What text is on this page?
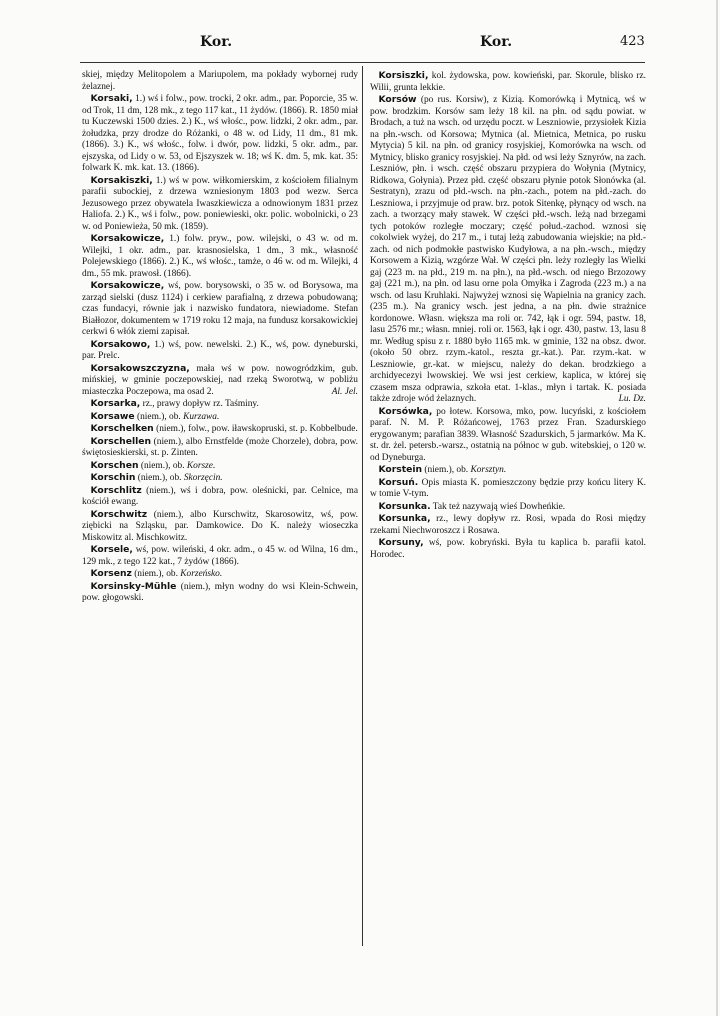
Kor.	Kor.	423

skiej, między Melitopolem a Mariupolem, ma pokłady wybornej rudy żelaznej.

Korsaki, 1.) wś i folw., pow. trocki, 2 okr. adm., par. Poporcie, 35 w. od Trok, 11 dm, 128 mk., z tego 117 kat., 11 żydów. (1866). R. 1850 miał tu Kuczewski 1500 dzies. 2.) K., wś włośc., pow. lidzki, 2 okr. adm., par. żołudzka, przy drodze do Różanki, o 48 w. od Lidy, 11 dm., 81 mk. (1866). 3.) K., wś włośc., folw. i dwór, pow. lidzki, 5 okr. adm., par. ejszyska, od Lidy o w. 53, od Ejszyszek w. 18; wś K. dm. 5, mk. kat. 35: folwark K. mk. kat. 13. (1866).

Korsakiszki, 1.) wś w pow. wiłkomierskim, z kościołem filialnym parafii subockiej, z drzewa wzniesionym 1803 pod wezw. Serca Jezusowego przez obywatela Iwaszkiewicza a odnowionym 1831 przez Haliofa. 2.) K., wś i folw., pow. poniewieski, okr. polic. wobolnicki, o 23 w. od Poniewieża, 50 mk. (1859).

Korsakowicze, 1.) folw. pryw., pow. wilejski, o 43 w. od m. Wilejki, 1 okr. adm., par. krasnosielska, 1 dm., 3 mk., własność Polejewskiego (1866). 2.) K., wś włośc., tamże, o 46 w. od m. Wilejki, 4 dm., 55 mk. prawosł. (1866).

Korsakowicze, wś, pow. borysowski, o 35 w. od Borysowa, ma zarząd sielski (dusz 1124) i cerkiew parafialną, z drzewa pobudowaną; czas fundacyi, równie jak i nazwisko fundatora, niewiadome. Stefan Białłozor, dokumentem w 1719 roku 12 maja, na fundusz korsakowickiej cerkwi 6 włók ziemi zapisał.

Korsakowo, 1.) wś, pow. newelski. 2.) K., wś, pow. dyneburski, par. Prelc.

Korsakowszczyzna, mała wś w pow. nowogródzkim, gub. mińskiej, w gminie poczepowskiej, nad rzeką Sworotwą, w pobliżu miasteczka Poczepowa, ma osad 2.	Al. Jel.

Korsarka, rz., prawy dopływ rz. Taśminy.

Korsawe (niem.), ob. Kurzawa.

Korschelken (niem.), folw., pow. iławskopruski, st. p. Kobbelbude.

Korschellen (niem.), albo Ernstfelde (może Chorzele), dobra, pow. świętosieskierski, st. p. Zinten.

Korschen (niem.), ob. Korsze.

Korschin (niem.), ob. Skorzęcin.

Korschlitz (niem.), wś i dobra, pow. oleśnicki, par. Celnice, ma kościół ewang.

Korschwitz (niem.), albo Kurschwitz, Skarosowitz, wś, pow. ziębicki na Szląsku, par. Damkowice. Do K. należy wioseczka Miskowitz al. Mischkowitz.

Korsele, wś, pow. wileński, 4 okr. adm., o 45 w. od Wilna, 16 dm., 129 mk., z tego 122 kat., 7 żydów (1866).

Korsenz (niem.), ob. Korzeńsko.

Korsinsky-Mühle (niem.), młyn wodny do wsi Klein-Schwein, pow. głogowski.

Korsiszki, kol. żydowska, pow. kowieński, par. Skorule, blisko rz. Wilii, grunta lekkie.

Korsów (po rus. Korsiw), z Kizią. Komorówką i Mytnicą, wś w pow. brodzkim. Korsów sam leży 18 kil. na płn. od sądu powiat. w Brodach, a tuż na wsch. od urzędu poczt. w Leszniowie, przysiołek Kizia na płn.-wsch. od Korsowa; Mytnica (al. Mietnica, Metnica, po rusku Mytycia) 5 kil. na płn. od granicy rosyjskiej, Komorówka na wsch. od Mytnicy, blisko granicy rosyjskiej. Na płd. od wsi leży Sznyrów, na zach. Leszniów, płn. i wsch. część obszaru przypiera do Wołynia (Mytnicy, Ridkowa, Gołynia). Przez płd. część obszaru płynie potok Słonówka (al. Sestratyn), zrazu od płd.-wsch. na płn.-zach., potem na płd.-zach. do Leszniowa, i przyjmuje od praw. brz. potok Sitenkę, płynący od wsch. na zach. a tworzący mały stawek. W części płd.-wsch. leżą nad brzegami tych potoków rozległe moczary; część połud.-zachod. wznosi się cokolwiek wyżej, do 217 m., i tutaj leżą zabudowania wiejskie; na płd.-zach. od nich podmokłe pastwisko Kudyłowa, a na płn.-wsch., między Korsowem a Kizią, wzgórze Wał. W części płn. leży rozległy las Wielki gaj (223 m. na płd., 219 m. na płn.), na płd.-wsch. od niego Brzozowy gaj (221 m.), na płn. od lasu orne pola Omyłka i Zagroda (223 m.) a na wsch. od lasu Kruhlaki. Najwyżej wznosi się Wapielnia na granicy zach. (235 m.). Na granicy wsch. jest jedna, a na płn. dwie strażnice kordonowe. Własn. większa ma roli or. 742, łąk i ogr. 594, pastw. 18, lasu 2576 mr.; własn. mniej. roli or. 1563, łąk i ogr. 430, pastw. 13, lasu 8 mr. Według spisu z r. 1880 było 1165 mk. w gminie, 132 na obsz. dwor. (około 50 obrz. rzym.-katol., reszta gr.-kat.). Par. rzym.-kat. w Leszniowie, gr.-kat. w miejscu, należy do dekan. brodzkiego a archidyecezyi lwowskiej. We wsi jest cerkiew, kaplica, w której się czasem msza odprawia, szkoła etat. 1-klas., młyn i tartak. K. posiada także zdroje wód żelaznych.	Lu. Dz.

Korsówka, po łotew. Korsowa, mko, pow. lucyński, z kościołem paraf. N. M. P. Różańcowej, 1763 przez Fran. Szadurskiego erygowanym; parafian 3839. Własność Szadurskich, 5 jarmarków. Ma K. st. dr. żel. petersb.-warsz., ostatnią na północ w gub. witebskiej, o 120 w. od Dyneburga.

Korstein (niem.), ob. Korsztyn.

Korsuń. Opis miasta K. pomieszczony będzie przy końcu litery K. w tomie V-tym.

Korsunka. Tak też nazywają wieś Dowheńkie.

Korsunka, rz., lewy dopływ rz. Rosi, wpada do Rosi między rzekami Niechworoszcz i Rosawa.

Korsuny, wś, pow. kobryński. Była tu kaplica b. parafii katol. Horodec.
